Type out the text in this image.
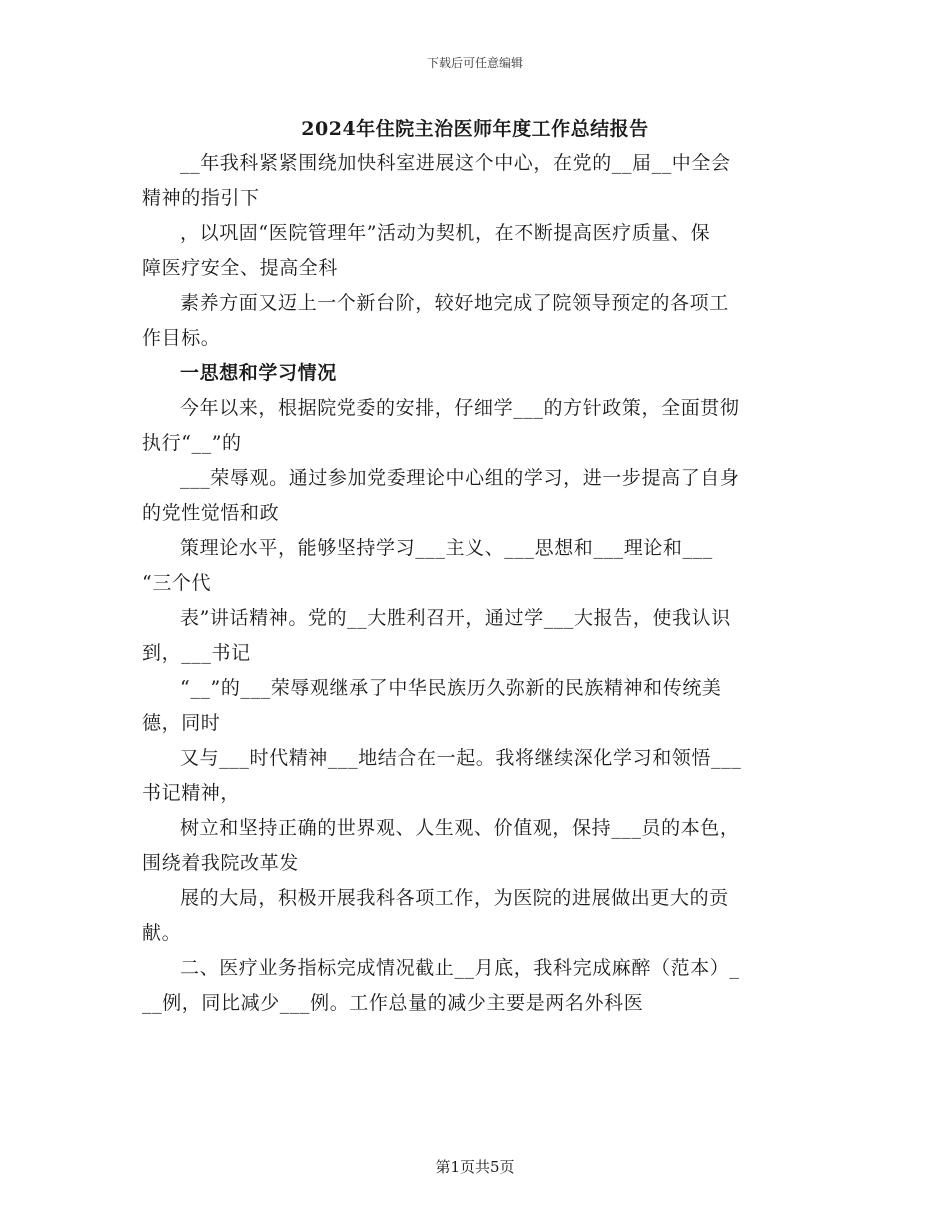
下载后可任意编辑
2024年住院主治医师年度工作总结报告

__年我科紧紧围绕加快科室进展这个中心，在党的__届__中全会

精神的指引下

，以巩固“医院管理年”活动为契机，在不断提高医疗质量、保

障医疗安全、提高全科

素养方面又迈上一个新台阶，较好地完成了院领导预定的各项工

作目标。

一思想和学习情况

今年以来，根据院党委的安排，仔细学___的方针政策，全面贯彻

执行“__”的

___荣辱观。通过参加党委理论中心组的学习，进一步提高了自身

的党性觉悟和政

策理论水平，能够坚持学习___主义、___思想和___理论和___

“三个代

表”讲话精神。党的__大胜利召开，通过学___大报告，使我认识

到，___书记

“__”的___荣辱观继承了中华民族历久弥新的民族精神和传统美

德，同时

又与___时代精神___地结合在一起。我将继续深化学习和领悟___

书记精神，

树立和坚持正确的世界观、人生观、价值观，保持___员的本色，

围绕着我院改革发

展的大局，积极开展我科各项工作，为医院的进展做出更大的贡

献。

二、医疗业务指标完成情况截止__月底，我科完成麻醉（范本）_

__例，同比减少___例。工作总量的减少主要是两名外科医

第1页共5页
